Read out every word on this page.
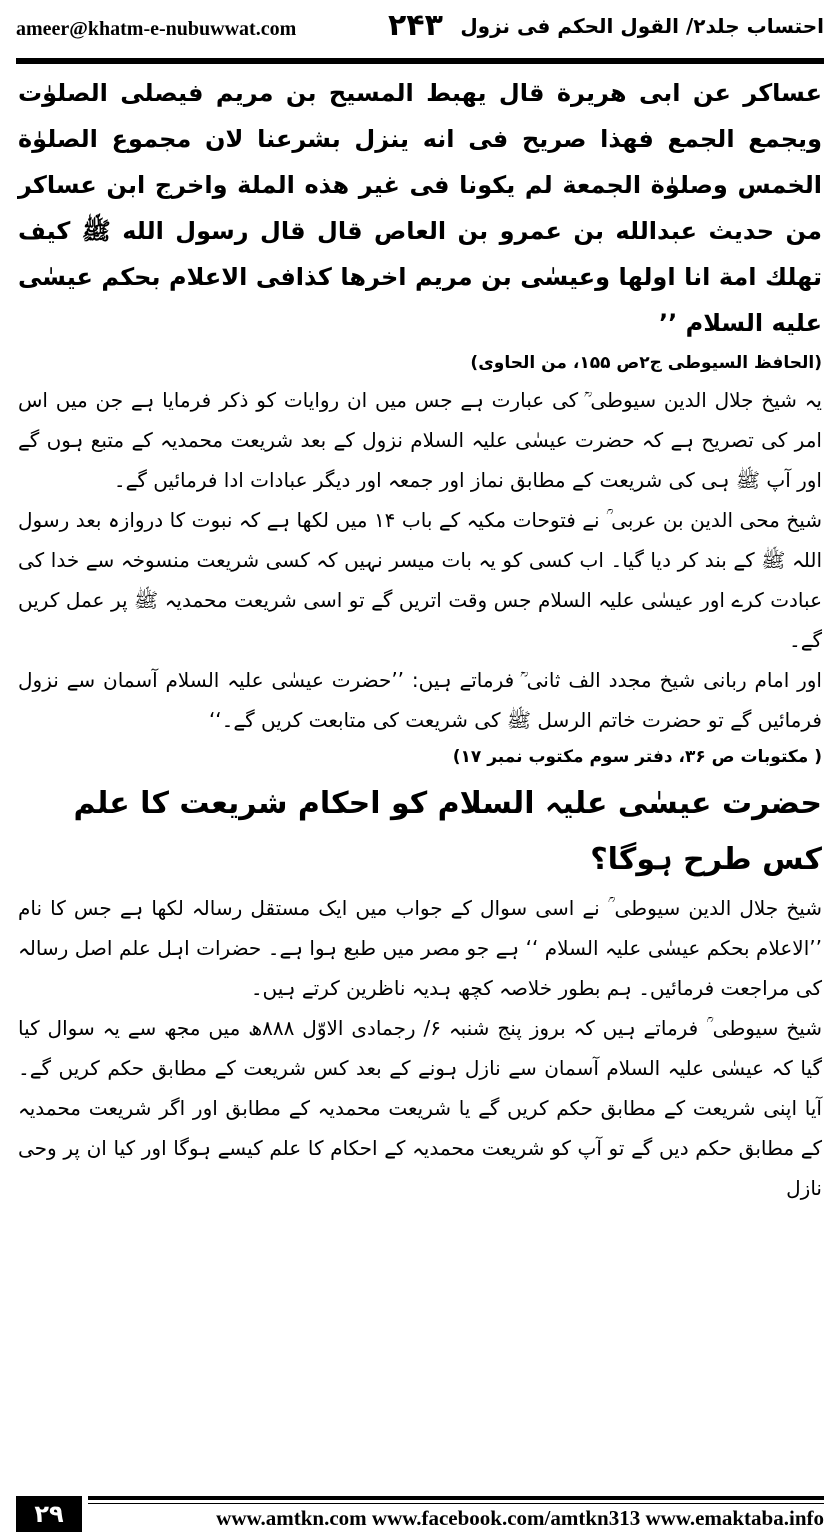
ameer@khatm-e-nubuwwat.com	۲۴۳ احتساب جلد۲/ القول الحکم فی نزول

عساكر عن ابی هريرة قال يهبط المسيح بن مريم فيصلى الصلوٰت ويجمع الجمع فهذا صريح فی انه ينزل بشرعنا لان مجموع الصلوٰة الخمس وصلوٰة الجمعة لم يكونا فی غير هذه الملة واخرج ابن عساكر من حديث عبدالله بن عمرو بن العاص قال قال رسول الله ﷺ كيف تهلك امة انا اولها وعيسٰى بن مريم اخرها كذافی الاعلام بحكم عيسٰى عليه السلام ’’

(الحافظ السیوطی ج۲ص ۱۵۵، من الحاوی)

یہ شیخ جلال الدین سیوطی ؒ کی عبارت ہے جس میں ان روایات کو ذکر فرمایا ہے جن میں اس امر کی تصریح ہے کہ حضرت عیسٰی علیہ السلام نزول کے بعد شریعت محمدیہ کے متبع ہوں گے اور آپ ﷺ ہی کی شریعت کے مطابق نماز اور جمعہ اور دیگر عبادات ادا فرمائیں گے۔

شیخ محی الدین بن عربی ؒ نے فتوحات مکیہ کے باب ۱۴ میں لکھا ہے کہ نبوت کا دروازہ بعد رسول اللہ ﷺ کے بند کر دیا گیا۔ اب کسی کو یہ بات میسر نہیں کہ کسی شریعت منسوخہ سے خدا کی عبادت کرے اور عیسٰی علیہ السلام جس وقت اتریں گے تو اسی شریعت محمدیہ ﷺ پر عمل کریں گے۔

اور امام ربانی شیخ مجدد الف ثانی ؒ فرماتے ہیں: ’’حضرت عیسٰی علیہ السلام آسمان سے نزول فرمائیں گے تو حضرت خاتم الرسل ﷺ کی شریعت کی متابعت کریں گے۔‘‘

( مکتوبات ص ۳۶، دفتر سوم مکتوب نمبر ۱۷)

حضرت عیسٰی علیہ السلام کو احکام شریعت کا علم کس طرح ہوگا؟

شیخ جلال الدین سیوطی ؒ نے اسی سوال کے جواب میں ایک مستقل رسالہ لکھا ہے جس کا نام ’’الاعلام بحکم عیسٰی علیہ السلام ‘‘ ہے جو مصر میں طبع ہوا ہے۔ حضرات اہل علم اصل رسالہ کی مراجعت فرمائیں۔ ہم بطور خلاصہ کچھ ہدیہ ناظرین کرتے ہیں۔

شیخ سیوطی ؒ فرماتے ہیں کہ بروز پنج شنبہ ۶/ رجمادی الاوّل ۸۸۸ھ میں مجھ سے یہ سوال کیا گیا کہ عیسٰی علیہ السلام آسمان سے نازل ہونے کے بعد کس شریعت کے مطابق حکم کریں گے۔ آیا اپنی شریعت کے مطابق حکم کریں گے یا شریعت محمدیہ کے مطابق اور اگر شریعت محمدیہ کے مطابق حکم دیں گے تو آپ کو شریعت محمدیہ کے احکام کا علم کیسے ہوگا اور کیا ان پر وحی نازل

۲۹	www.amtkn.com www.facebook.com/amtkn313 www.emaktaba.info
